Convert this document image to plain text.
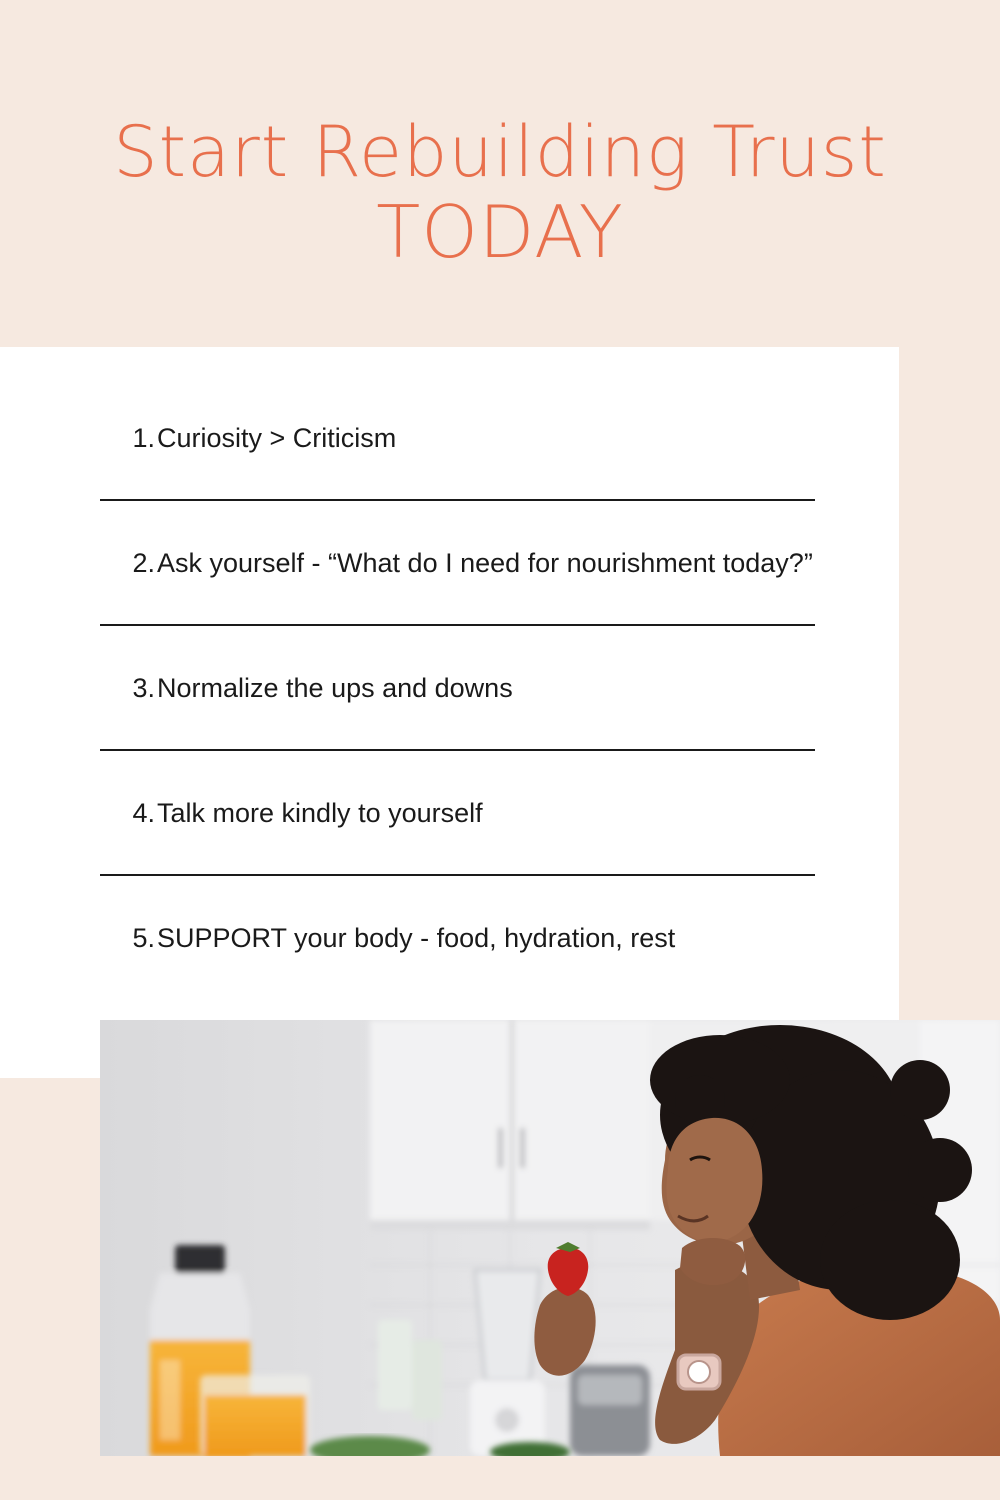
Start Rebuilding Trust
TODAY
1. Curiosity > Criticism
2. Ask yourself - “What do I need for nourishment today?”
3. Normalize the ups and downs
4. Talk more kindly to yourself
5. SUPPORT your body - food, hydration, rest
